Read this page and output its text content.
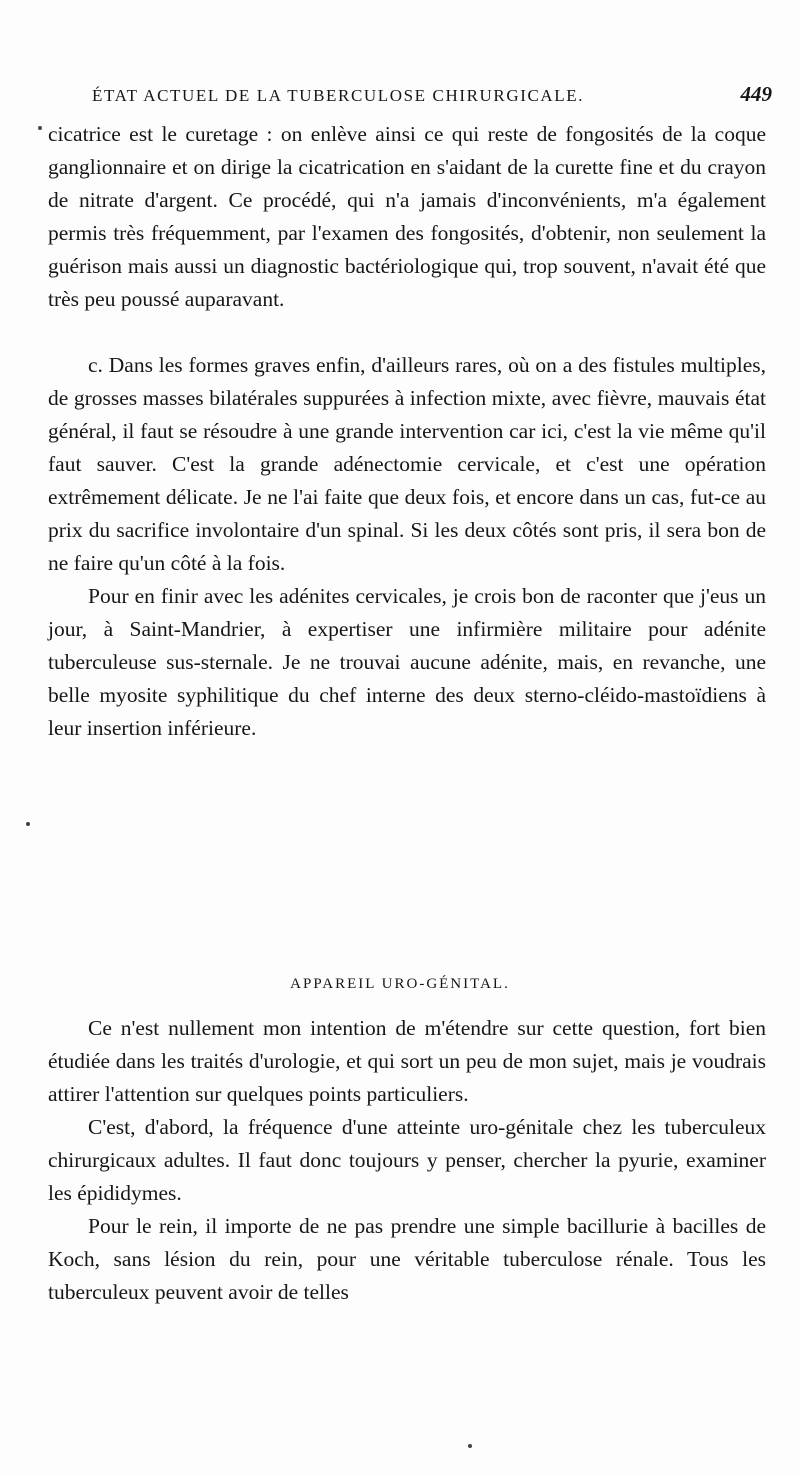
ÉTAT ACTUEL DE LA TUBERCULOSE CHIRURGICALE.	449

cicatrice est le curetage : on enlève ainsi ce qui reste de fongosités de la coque ganglionnaire et on dirige la cicatrication en s'aidant de la curette fine et du crayon de nitrate d'argent. Ce procédé, qui n'a jamais d'inconvénients, m'a également permis très fréquemment, par l'examen des fongosités, d'obtenir, non seulement la guérison mais aussi un diagnostic bactériologique qui, trop souvent, n'avait été que très peu poussé auparavant.

c. Dans les formes graves enfin, d'ailleurs rares, où on a des fistules multiples, de grosses masses bilatérales suppurées à infection mixte, avec fièvre, mauvais état général, il faut se résoudre à une grande intervention car ici, c'est la vie même qu'il faut sauver. C'est la grande adénectomie cervicale, et c'est une opération extrêmement délicate. Je ne l'ai faite que deux fois, et encore dans un cas, fut-ce au prix du sacrifice involontaire d'un spinal. Si les deux côtés sont pris, il sera bon de ne faire qu'un côté à la fois.

Pour en finir avec les adénites cervicales, je crois bon de raconter que j'eus un jour, à Saint-Mandrier, à expertiser une infirmière militaire pour adénite tuberculeuse sus-sternale. Je ne trouvai aucune adénite, mais, en revanche, une belle myosite syphilitique du chef interne des deux sterno-cléido-mastoïdiens à leur insertion inférieure.

APPAREIL URO-GÉNITAL.

Ce n'est nullement mon intention de m'étendre sur cette question, fort bien étudiée dans les traités d'urologie, et qui sort un peu de mon sujet, mais je voudrais attirer l'attention sur quelques points particuliers.

C'est, d'abord, la fréquence d'une atteinte uro-génitale chez les tuberculeux chirurgicaux adultes. Il faut donc toujours y penser, chercher la pyurie, examiner les épididymes.

Pour le rein, il importe de ne pas prendre une simple bacillurie à bacilles de Koch, sans lésion du rein, pour une véritable tuberculose rénale. Tous les tuberculeux peuvent avoir de telles
